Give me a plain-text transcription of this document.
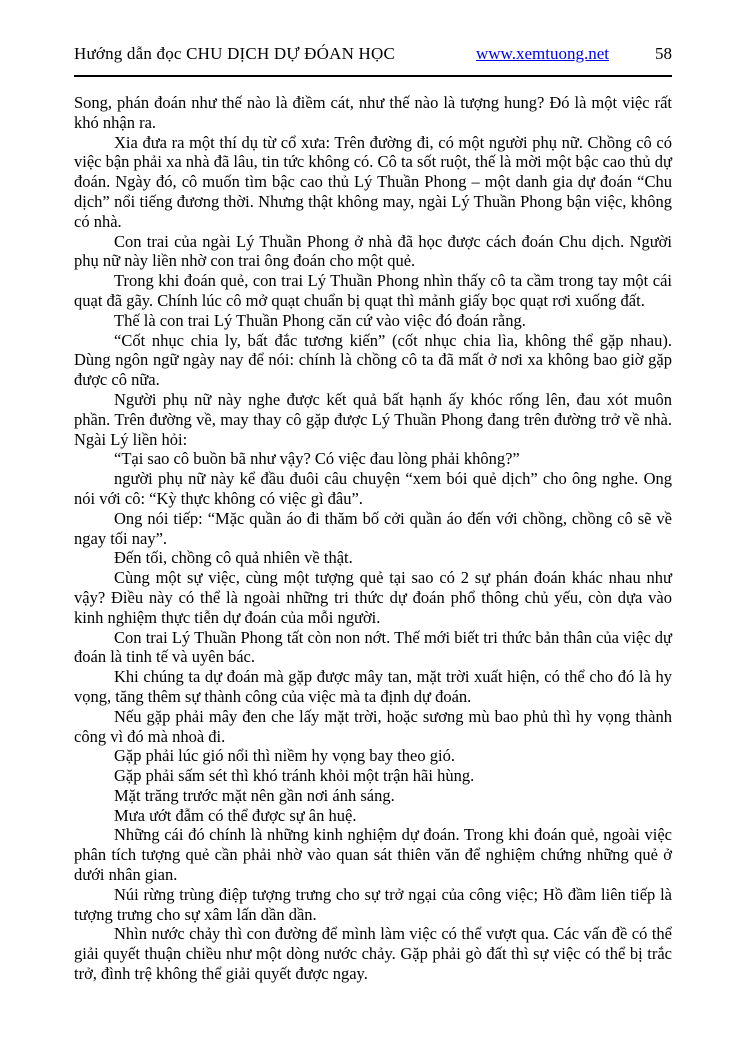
Hướng dẫn đọc CHU DỊCH DỰ ĐÓAN HỌC	www.xemtuong.net	58

Song, phán đoán như thế nào là điềm cát, như thế nào là tượng hung? Đó là một việc rất khó nhận ra.

Xia đưa ra một thí dụ từ cổ xưa: Trên đường đi, có một người phụ nữ. Chồng cô có việc bận phải xa nhà đã lâu, tin tức không có. Cô ta sốt ruột, thế là mời một bậc cao thủ dự đoán. Ngày đó, cô muốn tìm bậc cao thủ Lý Thuần Phong – một danh gia dự đoán “Chu dịch” nổi tiếng đương thời. Nhưng thật không may, ngài Lý Thuần Phong bận việc, không có nhà.

Con trai của ngài Lý Thuần Phong ở nhà đã học được cách đoán Chu dịch. Người phụ nữ này liền nhờ con trai ông đoán cho một quẻ.

Trong khi đoán quẻ, con trai Lý Thuần Phong nhìn thấy cô ta cầm trong tay một cái quạt đã gãy. Chính lúc cô mở quạt chuẩn bị quạt thì mảnh giấy bọc quạt rơi xuống đất.

Thế là con trai Lý Thuần Phong căn cứ vào việc đó đoán rằng.

“Cốt nhục chia ly, bất đắc tương kiến” (cốt nhục chia lìa, không thể gặp nhau). Dùng ngôn ngữ ngày nay để nói: chính là chồng cô ta đã mất ở nơi xa không bao giờ gặp được cô nữa.

Người phụ nữ này nghe được kết quả bất hạnh ấy khóc rống lên, đau xót muôn phần. Trên đường về, may thay cô gặp được Lý Thuần Phong đang trên đường trở về nhà. Ngài Lý liền hỏi:

“Tại sao cô buồn bã như vậy? Có việc đau lòng phải không?”

người phụ nữ này kể đầu đuôi câu chuyện “xem bói quẻ dịch” cho ông nghe. Ong nói với cô: “Kỳ thực không có việc gì đâu”.

Ong nói tiếp: “Mặc quần áo đi thăm bố cởi quần áo đến với chồng, chồng cô sẽ về ngay tối nay”.

Đến tối, chồng cô quả nhiên về thật.

Cùng một sự việc, cùng một tượng quẻ tại sao có 2 sự phán đoán khác nhau như vậy? Điều này có thể là ngoài những tri thức dự đoán phổ thông chủ yếu, còn dựa vào kinh nghiệm thực tiễn dự đoán của mỗi người.

Con trai Lý Thuần Phong tất còn non nớt. Thế mới biết tri thức bản thân của việc dự đoán là tinh tế và uyên bác.

Khi chúng ta dự đoán mà gặp được mây tan, mặt trời xuất hiện, có thể cho đó là hy vọng, tăng thêm sự thành công của việc mà ta định dự đoán.

Nếu gặp phải mây đen che lấy mặt trời, hoặc sương mù bao phủ thì hy vọng thành công vì đó mà nhoà đi.

Gặp phải lúc gió nổi thì niềm hy vọng bay theo gió.

Gặp phải sấm sét thì khó tránh khỏi một trận hãi hùng.

Mặt trăng trước mặt nên gần nơi ánh sáng.

Mưa ướt đẫm có thể được sự ân huệ.

Những cái đó chính là những kinh nghiệm dự đoán. Trong khi đoán quẻ, ngoài việc phân tích tượng quẻ cần phải nhờ vào quan sát thiên văn để nghiệm chứng những quẻ ở dưới nhân gian.

Núi rừng trùng điệp tượng trưng cho sự trở ngại của công việc; Hồ đầm liên tiếp là tượng trưng cho sự xâm lấn dần dần.

Nhìn nước chảy thì con đường để mình làm việc có thể vượt qua. Các vấn đề có thể giải quyết thuận chiều như một dòng nước chảy. Gặp phải gò đất thì sự việc có thể bị trắc trở, đình trệ không thể giải quyết được ngay.
